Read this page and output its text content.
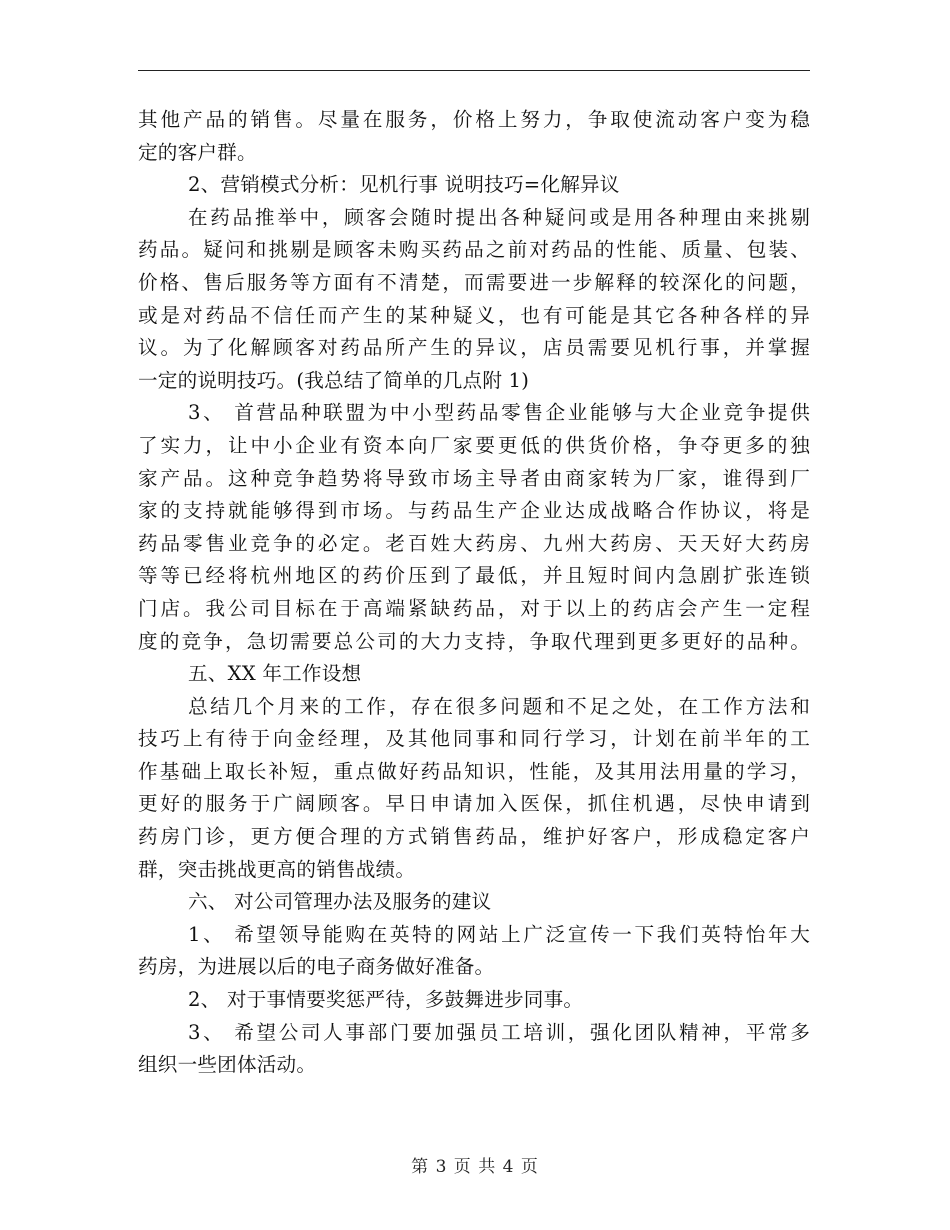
其他产品的销售。尽量在服务，价格上努力，争取使流动客户变为稳
定的客户群。
2、营销模式分析：见机行事 说明技巧=化解异议
在药品推举中，顾客会随时提出各种疑问或是用各种理由来挑剔
药品。疑问和挑剔是顾客未购买药品之前对药品的性能、质量、包装、
价格、售后服务等方面有不清楚，而需要进一步解释的较深化的问题，
或是对药品不信任而产生的某种疑义，也有可能是其它各种各样的异
议。为了化解顾客对药品所产生的异议，店员需要见机行事，并掌握
一定的说明技巧。(我总结了简单的几点附 1)
3、 首营品种联盟为中小型药品零售企业能够与大企业竞争提供
了实力，让中小企业有资本向厂家要更低的供货价格，争夺更多的独
家产品。这种竞争趋势将导致市场主导者由商家转为厂家，谁得到厂
家的支持就能够得到市场。与药品生产企业达成战略合作协议，将是
药品零售业竞争的必定。老百姓大药房、九州大药房、天天好大药房
等等已经将杭州地区的药价压到了最低，并且短时间内急剧扩张连锁
门店。我公司目标在于高端紧缺药品，对于以上的药店会产生一定程
度的竞争，急切需要总公司的大力支持，争取代理到更多更好的品种。
五、XX 年工作设想
总结几个月来的工作，存在很多问题和不足之处，在工作方法和
技巧上有待于向金经理，及其他同事和同行学习，计划在前半年的工
作基础上取长补短，重点做好药品知识，性能，及其用法用量的学习，
更好的服务于广阔顾客。早日申请加入医保，抓住机遇，尽快申请到
药房门诊，更方便合理的方式销售药品，维护好客户，形成稳定客户
群，突击挑战更高的销售战绩。
六、 对公司管理办法及服务的建议
1、 希望领导能购在英特的网站上广泛宣传一下我们英特怡年大
药房，为进展以后的电子商务做好准备。
2、 对于事情要奖惩严待，多鼓舞进步同事。
3、 希望公司人事部门要加强员工培训，强化团队精神，平常多
组织一些团体活动。
第 3 页 共 4 页
